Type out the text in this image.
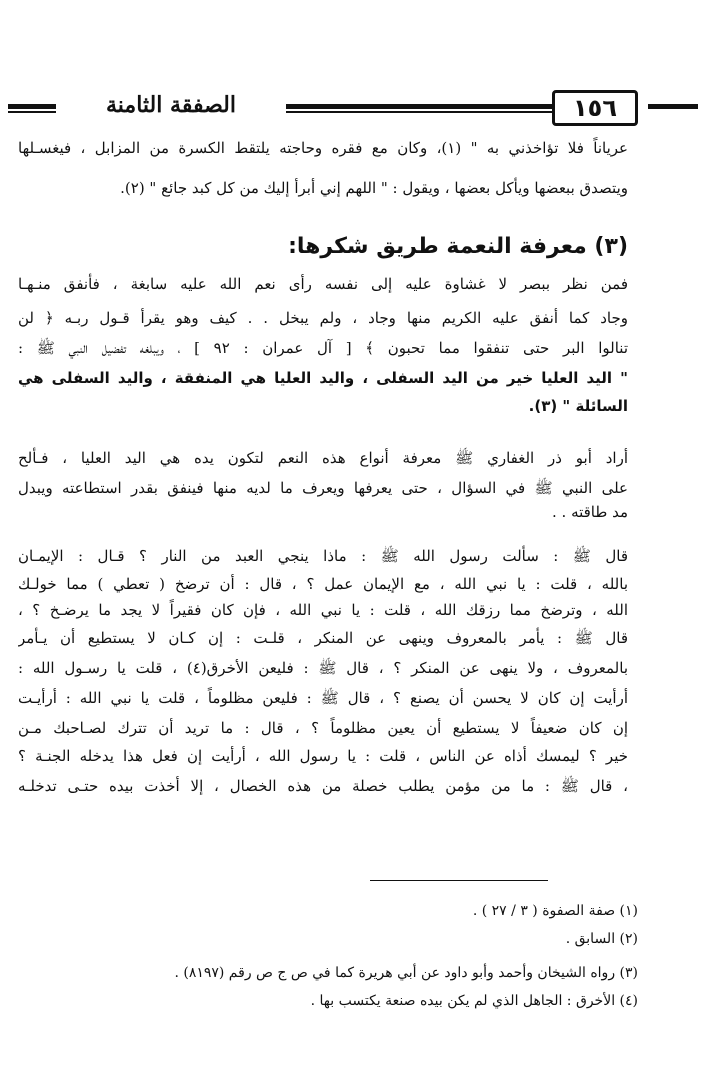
الصفقة الثامنة	١٥٦
عرياناً فلا تؤاخذني به " (١)، وكان مع فقره وحاجته يلتقط الكسرة من المزابل ، فيغسـلها
ويتصدق ببعضها ويأكل بعضها ، ويقول : " اللهم إني أبرأ إليك من كل كبد جائع " (٢).
(٣) معرفة النعمة طريق شكرها:
فمن نظر ببصر لا غشاوة عليه إلى نفسه رأى نعم الله عليه سابغة ، فأنفق منـهـا
وجاد كما أنفق عليه الكريم منها وجاد ، ولم يبخل . . كيف وهو يقرأ قـول ربـه ﴿ لن
تنالوا البر حتى تنفقوا مما تحبون ﴾ [ آل عمران : ٩٢ ] ، ويبلغه تفضيل النبي ﷺ :
" اليد العليا خير من اليد السفلى ، واليد العليا هي المنفقة ، واليد السفلى هي
السائلة " (٣).
أراد أبو ذر الغفاري ﷺ معرفة أنواع هذه النعم لتكون يده هي اليد العليا ، فـألح
على النبي ﷺ في السؤال ، حتى يعرفها ويعرف ما لديه منها فينفق بقدر استطاعته ويبدل
مد طاقته . .
قال ﷺ : سألت رسول الله ﷺ : ماذا ينجي العبد من النار ؟ قـال : الإيمـان
بالله ، قلت : يا نبي الله ، مع الإيمان عمل ؟ ، قال : أن ترضخ ( تعطي ) مما خولـك
الله ، وترضخ مما رزقك الله ، قلت : يا نبي الله ، فإن كان فقيراً لا يجد ما يرضـخ ؟ ،
قال ﷺ : يأمر بالمعروف وينهى عن المنكر ، قلـت : إن كـان لا يستطيع أن يـأمر
بالمعروف ، ولا ينهى عن المنكر ؟ ، قال ﷺ : فليعن الأخرق(٤) ، قلت يا رسـول الله :
أرأيت إن كان لا يحسن أن يصنع ؟ ، قال ﷺ : فليعن مظلوماً ، قلت يا نبي الله : أرأيـت
إن كان ضعيفاً لا يستطيع أن يعين مظلوماً ؟ ، قال : ما تريد أن تترك لصـاحبك مـن
خير ؟ ليمسك أذاه عن الناس ، قلت : يا رسول الله ، أرأيت إن فعل هذا يدخله الجنـة ؟
، قال ﷺ : ما من مؤمن يطلب خصلة من هذه الخصال ، إلا أخذت بيده حتـى تدخلـه
(١) صفة الصفوة ( ٣ / ٢٧ ) .
(٢) السابق .
(٣) رواه الشيخان وأحمد وأبو داود عن أبي هريرة كما في ص ج ص رقم (٨١٩٧) .
(٤) الأخرق : الجاهل الذي لم يكن بيده صنعة يكتسب بها .
